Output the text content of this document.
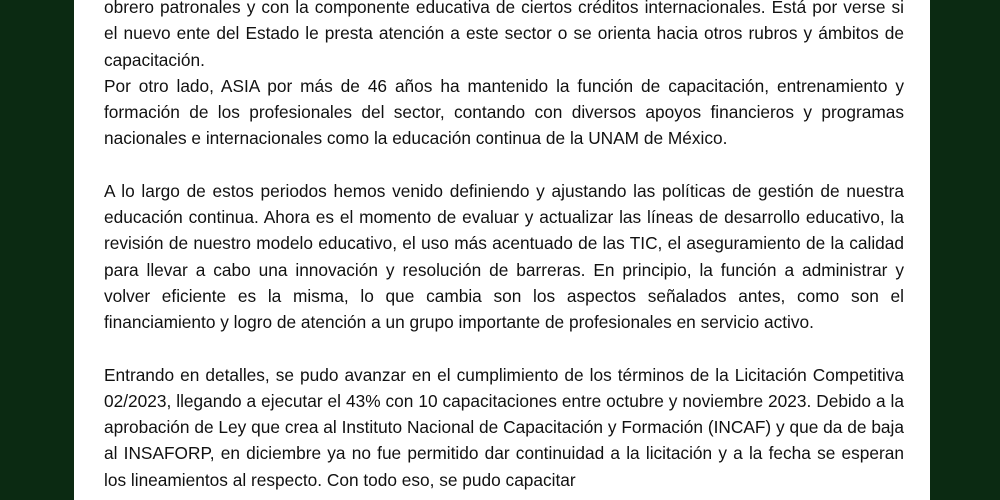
obrero patronales y con la componente educativa de ciertos créditos internacionales. Está por verse si el nuevo ente del Estado le presta atención a este sector o se orienta hacia otros rubros y ámbitos de capacitación.

Por otro lado, ASIA por más de 46 años ha mantenido la función de capacitación, entrenamiento y formación de los profesionales del sector, contando con diversos apoyos financieros y programas nacionales e internacionales como la educación continua de la UNAM de México.

A lo largo de estos periodos hemos venido definiendo y ajustando las políticas de gestión de nuestra educación continua. Ahora es el momento de evaluar y actualizar las líneas de desarrollo educativo, la revisión de nuestro modelo educativo, el uso más acentuado de las TIC, el aseguramiento de la calidad para llevar a cabo una innovación y resolución de barreras. En principio, la función a administrar y volver eficiente es la misma, lo que cambia son los aspectos señalados antes, como son el financiamiento y logro de atención a un grupo importante de profesionales en servicio activo.

Entrando en detalles, se pudo avanzar en el cumplimiento de los términos de la Licitación Competitiva 02/2023, llegando a ejecutar el 43% con 10 capacitaciones entre octubre y noviembre 2023. Debido a la aprobación de Ley que crea al Instituto Nacional de Capacitación y Formación (INCAF) y que da de baja al INSAFORP, en diciembre ya no fue permitido dar continuidad a la licitación y a la fecha se esperan los lineamientos al respecto. Con todo eso, se pudo capacitar
